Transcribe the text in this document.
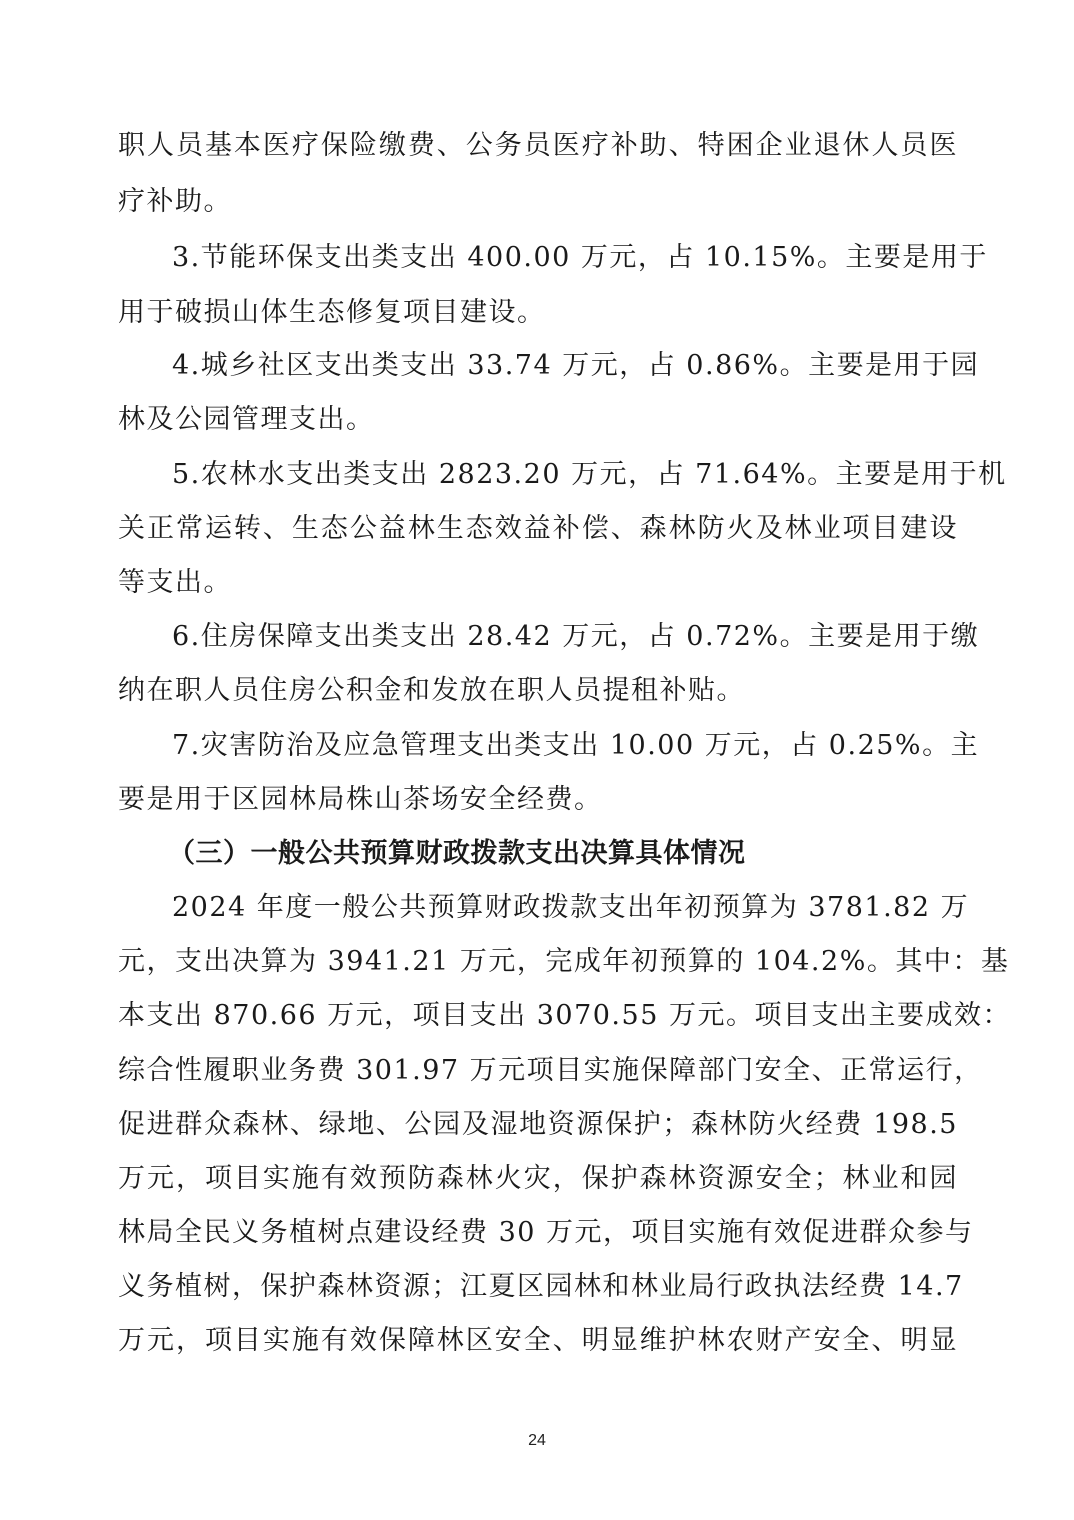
职人员基本医疗保险缴费、公务员医疗补助、特困企业退休人员医
疗补助。
3.节能环保支出类支出 400.00 万元，占 10.15%。主要是用于
用于破损山体生态修复项目建设。
4.城乡社区支出类支出 33.74 万元，占 0.86%。主要是用于园
林及公园管理支出。
5.农林水支出类支出 2823.20 万元，占 71.64%。主要是用于机
关正常运转、生态公益林生态效益补偿、森林防火及林业项目建设
等支出。
6.住房保障支出类支出 28.42 万元，占 0.72%。主要是用于缴
纳在职人员住房公积金和发放在职人员提租补贴。
7.灾害防治及应急管理支出类支出 10.00 万元，占 0.25%。主
要是用于区园林局株山茶场安全经费。
（三）一般公共预算财政拨款支出决算具体情况
2024 年度一般公共预算财政拨款支出年初预算为 3781.82 万
元，支出决算为 3941.21 万元，完成年初预算的 104.2%。其中：基
本支出 870.66 万元，项目支出 3070.55 万元。项目支出主要成效：
综合性履职业务费 301.97 万元项目实施保障部门安全、正常运行，
促进群众森林、绿地、公园及湿地资源保护；森林防火经费 198.5
万元，项目实施有效预防森林火灾，保护森林资源安全；林业和园
林局全民义务植树点建设经费 30 万元，项目实施有效促进群众参与
义务植树，保护森林资源；江夏区园林和林业局行政执法经费 14.7
万元，项目实施有效保障林区安全、明显维护林农财产安全、明显
24
